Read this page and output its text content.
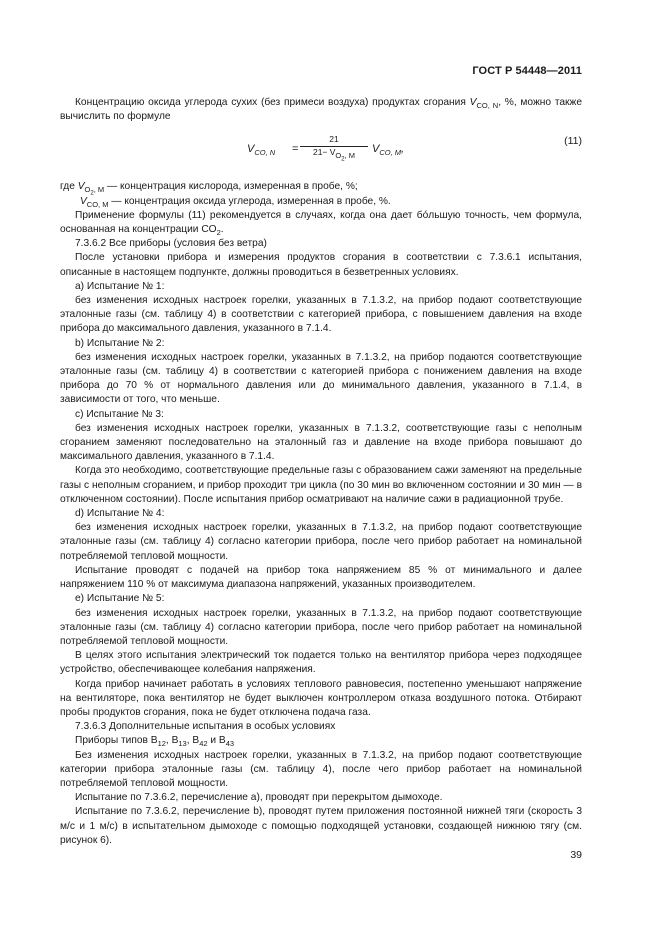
ГОСТ Р 54448—2011

Концентрацию оксида углерода сухих (без примеси воздуха) продуктах сгорания $V_{CO, N}$, %, можно также вычислить по формуле

$V_{CO, N} = \frac{21}{21- V_{O_2, M}} V_{CO, M}$,
(11)

где $V_{O_2, M}$ — концентрация кислорода, измеренная в пробе, %;

$V_{CO, M}$ — концентрация оксида углерода, измеренная в пробе, %.

Применение формулы (11) рекомендуется в случаях, когда она дает бóльшую точность, чем формула, основанная на концентрации $CO_2$.

7.3.6.2 Все приборы (условия без ветра)

После установки прибора и измерения продуктов сгорания в соответствии с 7.3.6.1 испытания, описанные в настоящем подпункте, должны проводиться в безветренных условиях.

а) Испытание № 1:

без изменения исходных настроек горелки, указанных в 7.1.3.2, на прибор подают соответствующие эталонные газы (см. таблицу 4) в соответствии с категорией прибора, с повышением давления на входе прибора до максимального давления, указанного в 7.1.4.

b) Испытание № 2:

без изменения исходных настроек горелки, указанных в 7.1.3.2, на прибор подаются соответствующие эталонные газы (см. таблицу 4) в соответствии с категорией прибора с понижением давления на входе прибора до 70 % от нормального давления или до минимального давления, указанного в 7.1.4, в зависимости от того, что меньше.

с) Испытание № 3:

без изменения исходных настроек горелки, указанных в 7.1.3.2, соответствующие газы с неполным сгоранием заменяют последовательно на эталонный газ и давление на входе прибора повышают до максимального давления, указанного в 7.1.4.

Когда это необходимо, соответствующие предельные газы с образованием сажи заменяют на предельные газы с неполным сгоранием, и прибор проходит три цикла (по 30 мин во включенном состоянии и 30 мин — в отключенном состоянии). После испытания прибор осматривают на наличие сажи в радиационной трубе.

d) Испытание № 4:

без изменения исходных настроек горелки, указанных в 7.1.3.2, на прибор подают соответствующие эталонные газы (см. таблицу 4) согласно категории прибора, после чего прибор работает на номинальной потребляемой тепловой мощности.

Испытание проводят с подачей на прибор тока напряжением 85 % от минимального и далее напряжением 110 % от максимума диапазона напряжений, указанных производителем.

е) Испытание № 5:

без изменения исходных настроек горелки, указанных в 7.1.3.2, на прибор подают соответствующие эталонные газы (см. таблицу 4) согласно категории прибора, после чего прибор работает на номинальной потребляемой тепловой мощности.

В целях этого испытания электрический ток подается только на вентилятор прибора через подходящее устройство, обеспечивающее колебания напряжения.

Когда прибор начинает работать в условиях теплового равновесия, постепенно уменьшают напряжение на вентиляторе, пока вентилятор не будет выключен контроллером отказа воздушного потока. Отбирают пробы продуктов сгорания, пока не будет отключена подача газа.

7.3.6.3 Дополнительные испытания в особых условиях

Приборы типов $В_{12}$, $В_{13}$, $В_{42}$ и $В_{43}$

Без изменения исходных настроек горелки, указанных в 7.1.3.2, на прибор подают соответствующие категории прибора эталонные газы (см. таблицу 4), после чего прибор работает на номинальной потребляемой тепловой мощности.

Испытание по 7.3.6.2, перечисление а), проводят при перекрытом дымоходе.

Испытание по 7.3.6.2, перечисление b), проводят путем приложения постоянной нижней тяги (скорость 3 м/с и 1 м/с) в испытательном дымоходе с помощью подходящей установки, создающей нижнюю тягу (см. рисунок 6).

39
